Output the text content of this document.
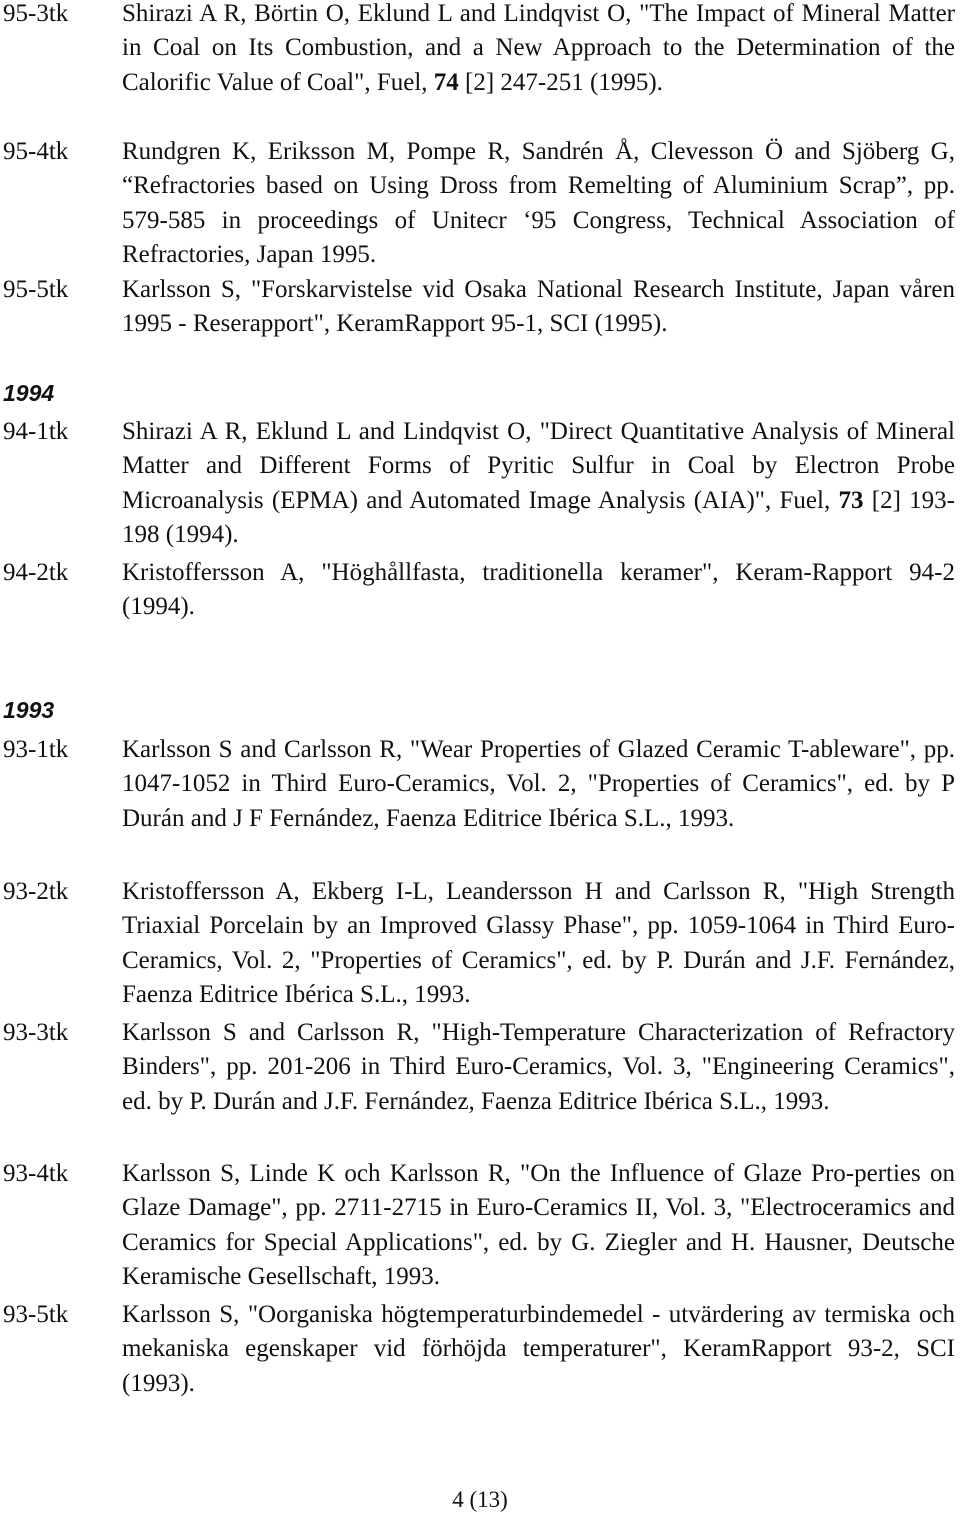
95-3tk Shirazi A R, Börtin O, Eklund L and Lindqvist O, "The Impact of Mineral Matter in Coal on Its Combustion, and a New Approach to the Determination of the Calorific Value of Coal", Fuel, 74 [2] 247-251 (1995).
95-4tk Rundgren K, Eriksson M, Pompe R, Sandrén Å, Clevesson Ö and Sjöberg G, “Refractories based on Using Dross from Remelting of Aluminium Scrap”, pp. 579-585 in proceedings of Unitecr ‘95 Congress, Technical Association of Refractories, Japan 1995.
95-5tk Karlsson S, "Forskarvistelse vid Osaka National Research Institute, Japan våren 1995 - Reserapport", KeramRapport 95-1, SCI (1995).
1994
94-1tk Shirazi A R, Eklund L and Lindqvist O, "Direct Quantitative Analysis of Mineral Matter and Different Forms of Pyritic Sulfur in Coal by Electron Probe Microanalysis (EPMA) and Automated Image Analysis (AIA)", Fuel, 73 [2] 193-198 (1994).
94-2tk Kristoffersson A, "Höghållfasta, traditionella keramer", Keram-Rapport 94-2 (1994).
1993
93-1tk Karlsson S and Carlsson R, "Wear Properties of Glazed Ceramic T-ableware", pp. 1047-1052 in Third Euro-Ceramics, Vol. 2, "Properties of Ceramics", ed. by P Durán and J F Fernández, Faenza Editrice Ibérica S.L., 1993.
93-2tk Kristoffersson A, Ekberg I-L, Leandersson H and Carlsson R, "High Strength Triaxial Porcelain by an Improved Glassy Phase", pp. 1059-1064 in Third Euro-Ceramics, Vol. 2, "Properties of Ceramics", ed. by P. Durán and J.F. Fernández, Faenza Editrice Ibérica S.L., 1993.
93-3tk Karlsson S and Carlsson R, "High-Temperature Characterization of Refractory Binders", pp. 201-206 in Third Euro-Ceramics, Vol. 3, "Engineering Ceramics", ed. by P. Durán and J.F. Fernández, Faenza Editrice Ibérica S.L., 1993.
93-4tk Karlsson S, Linde K och Karlsson R, "On the Influence of Glaze Pro-perties on Glaze Damage", pp. 2711-2715 in Euro-Ceramics II, Vol. 3, "Electroceramics and Ceramics for Special Applications", ed. by G. Ziegler and H. Hausner, Deutsche Keramische Gesellschaft, 1993.
93-5tk Karlsson S, "Oorganiska högtemperaturbindemedel - utvärdering av termiska och mekaniska egenskaper vid förhöjda temperaturer", KeramRapport 93-2, SCI (1993).
4 (13)
